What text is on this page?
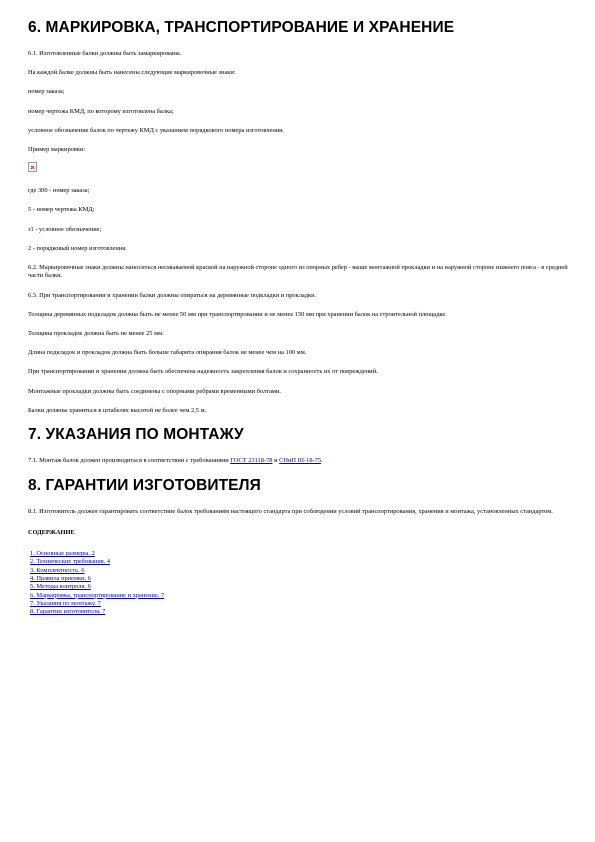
6. МАРКИРОВКА, ТРАНСПОРТИРОВАНИЕ И ХРАНЕНИЕ

6.1. Изготовленные балки должны быть замаркированы.

На каждой балке должны быть нанесены следующие маркировочные знаки:

номер заказа;

номер чертежа КМД, по которому изготовлена балка;

условное обозначение балок по чертежу КМД с указанием порядкового номера изготовления.

Пример маркировки:

где 300 - номер заказа;

5 - номер чертежа КМД;

з1 - условное обозначение;

2 - порядковый номер изготовления.

6.2. Маркировочные знаки должны наноситься несмываемой краской на наружной стороне одного из опорных ребер - выше монтажной прокладки и на наружной стороне нижнего пояса - в средней части балки.

6.3. При транспортировании и хранении балки должны опираться на деревянные подкладки и прокладки.

Толщина деревянных подкладок должна быть не менее 50 мм при транспортировании и не менее 150 мм при хранении балок на строительной площадке.

Толщина прокладок должна быть не менее 25 мм.

Длина подкладок и прокладок должна быть больше габарита опирания балок не менее чем на 100 мм.

При транспортировании и хранении должна быть обеспечена надежность закрепления балок и сохранность их от повреждений.

Монтажные прокладки должны быть соединены с опорными ребрами временными болтами.

Балки должны храниться в штабелях высотой не более чем 2,5 м.

7. УКАЗАНИЯ ПО МОНТАЖУ

7.1. Монтаж балок должен производиться в соответствии с требованиями ГОСТ 23118-78 и СНиП III-18-75.

8. ГАРАНТИИ ИЗГОТОВИТЕЛЯ

8.1. Изготовитель должен гарантировать соответствие балок требованиям настоящего стандарта при соблюдении условий транспортирования, хранения и монтажа, установленных стандартом.

СОДЕРЖАНИЕ

1. Основные размеры. 2
2. Технические требования. 4
3. Комплектность. 6
4. Правила приемки. 6
5. Методы контроля. 6
6. Маркировка, транспортирование и хранение. 7
7. Указания по монтажу. 7
8. Гарантии изготовителя. 7
